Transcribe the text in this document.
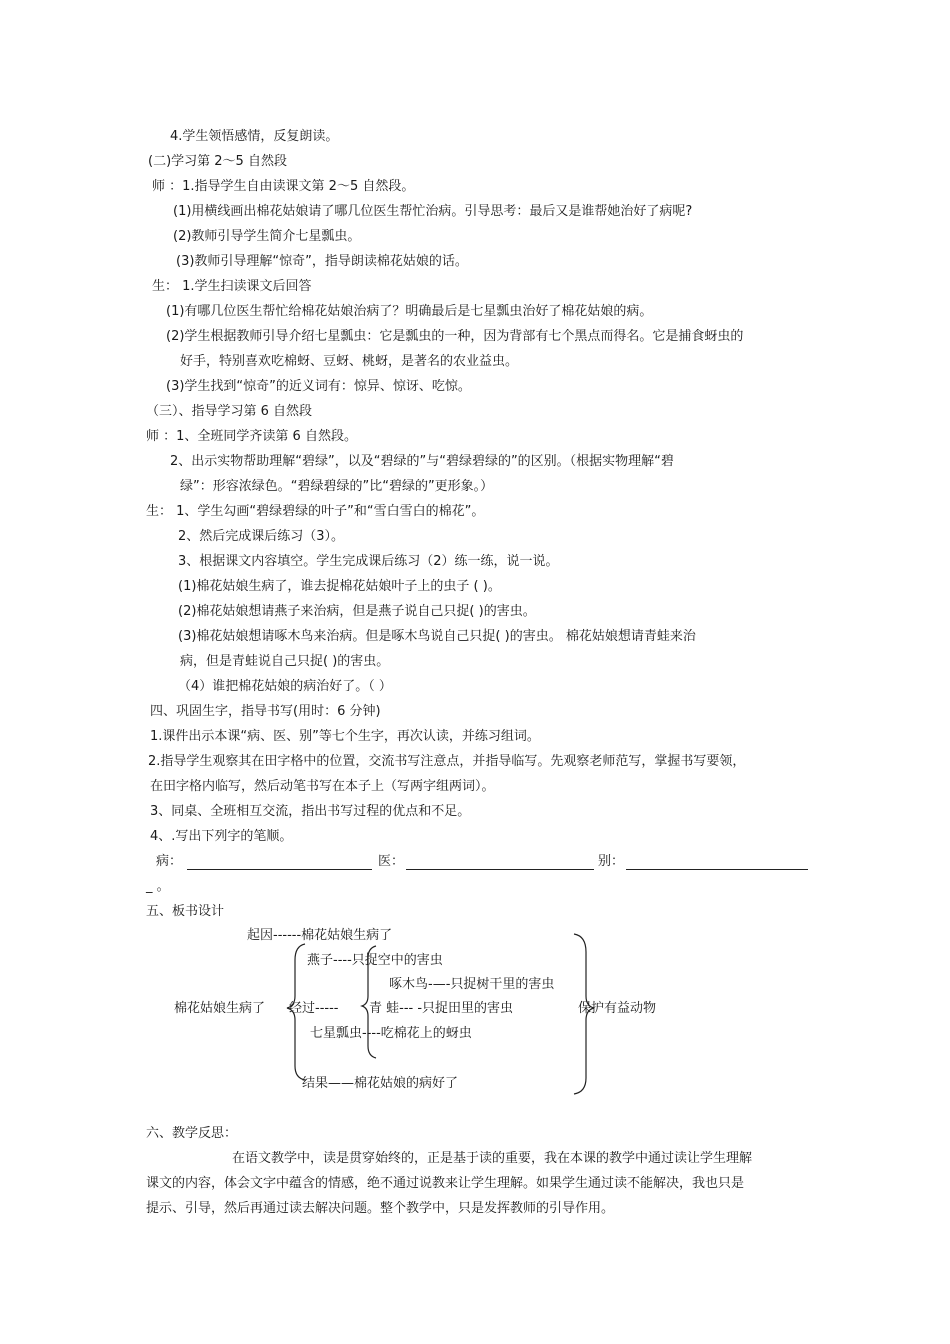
4.学生领悟感情，反复朗读。
(二)学习第 2～5 自然段
师 ：1.指导学生自由读课文第 2～5 自然段。
(1)用横线画出棉花姑娘请了哪几位医生帮忙治病。引导思考：最后又是谁帮她治好了病呢?
(2)教师引导学生简介七星瓢虫。
(3)教师引导理解“惊奇”，指导朗读棉花姑娘的话。
生： 1.学生扫读课文后回答
(1)有哪几位医生帮忙给棉花姑娘治病了？明确最后是七星瓢虫治好了棉花姑娘的病。
(2)学生根据教师引导介绍七星瓢虫：它是瓢虫的一种，因为背部有七个黑点而得名。它是捕食蚜虫的
好手，特别喜欢吃棉蚜、豆蚜、桃蚜，是著名的农业益虫。
(3)学生找到“惊奇”的近义词有：惊异、惊讶、吃惊。
（三）、指导学习第 6 自然段
师 ：1、全班同学齐读第 6 自然段。
2、出示实物帮助理解“碧绿”，以及“碧绿的”与“碧绿碧绿的”的区别。（根据实物理解“碧
绿”：形容浓绿色。“碧绿碧绿的”比“碧绿的”更形象。）
生： 1、学生勾画“碧绿碧绿的叶子”和“雪白雪白的棉花”。
2、然后完成课后练习（3）。
3、根据课文内容填空。学生完成课后练习（2）练一练，说一说。
(1)棉花姑娘生病了，谁去捉棉花姑娘叶子上的虫子 ( )。
(2)棉花姑娘想请燕子来治病，但是燕子说自己只捉( )的害虫。
(3)棉花姑娘想请啄木鸟来治病。但是啄木鸟说自己只捉( )的害虫。 棉花姑娘想请青蛙来治
病，但是青蛙说自己只捉( )的害虫。
（4）谁把棉花姑娘的病治好了。（ ）
四、巩固生字，指导书写(用时：6 分钟)
1.课件出示本课“病、医、别”等七个生字，再次认读，并练习组词。
2.指导学生观察其在田字格中的位置，交流书写注意点，并指导临写。先观察老师范写，掌握书写要领，
在田字格内临写，然后动笔书写在本子上（写两字组两词）。
3、同桌、全班相互交流，指出书写过程的优点和不足。
4、.写出下列字的笔顺。
病：	医：	别：
_ 。
五、板书设计
起因------棉花姑娘生病了
燕子----只捉空中的害虫
啄木鸟-—-只捉树干里的害虫
棉花姑娘生病了 经过----- 青 蛙--- -只捉田里的害虫	保护有益动物
七星瓢虫----吃棉花上的蚜虫
结果——棉花姑娘的病好了
六、教学反思：
在语文教学中，读是贯穿始终的，正是基于读的重要，我在本课的教学中通过读让学生理解
课文的内容，体会文字中蕴含的情感，绝不通过说教来让学生理解。如果学生通过读不能解决，我也只是
提示、引导，然后再通过读去解决问题。整个教学中，只是发挥教师的引导作用。
